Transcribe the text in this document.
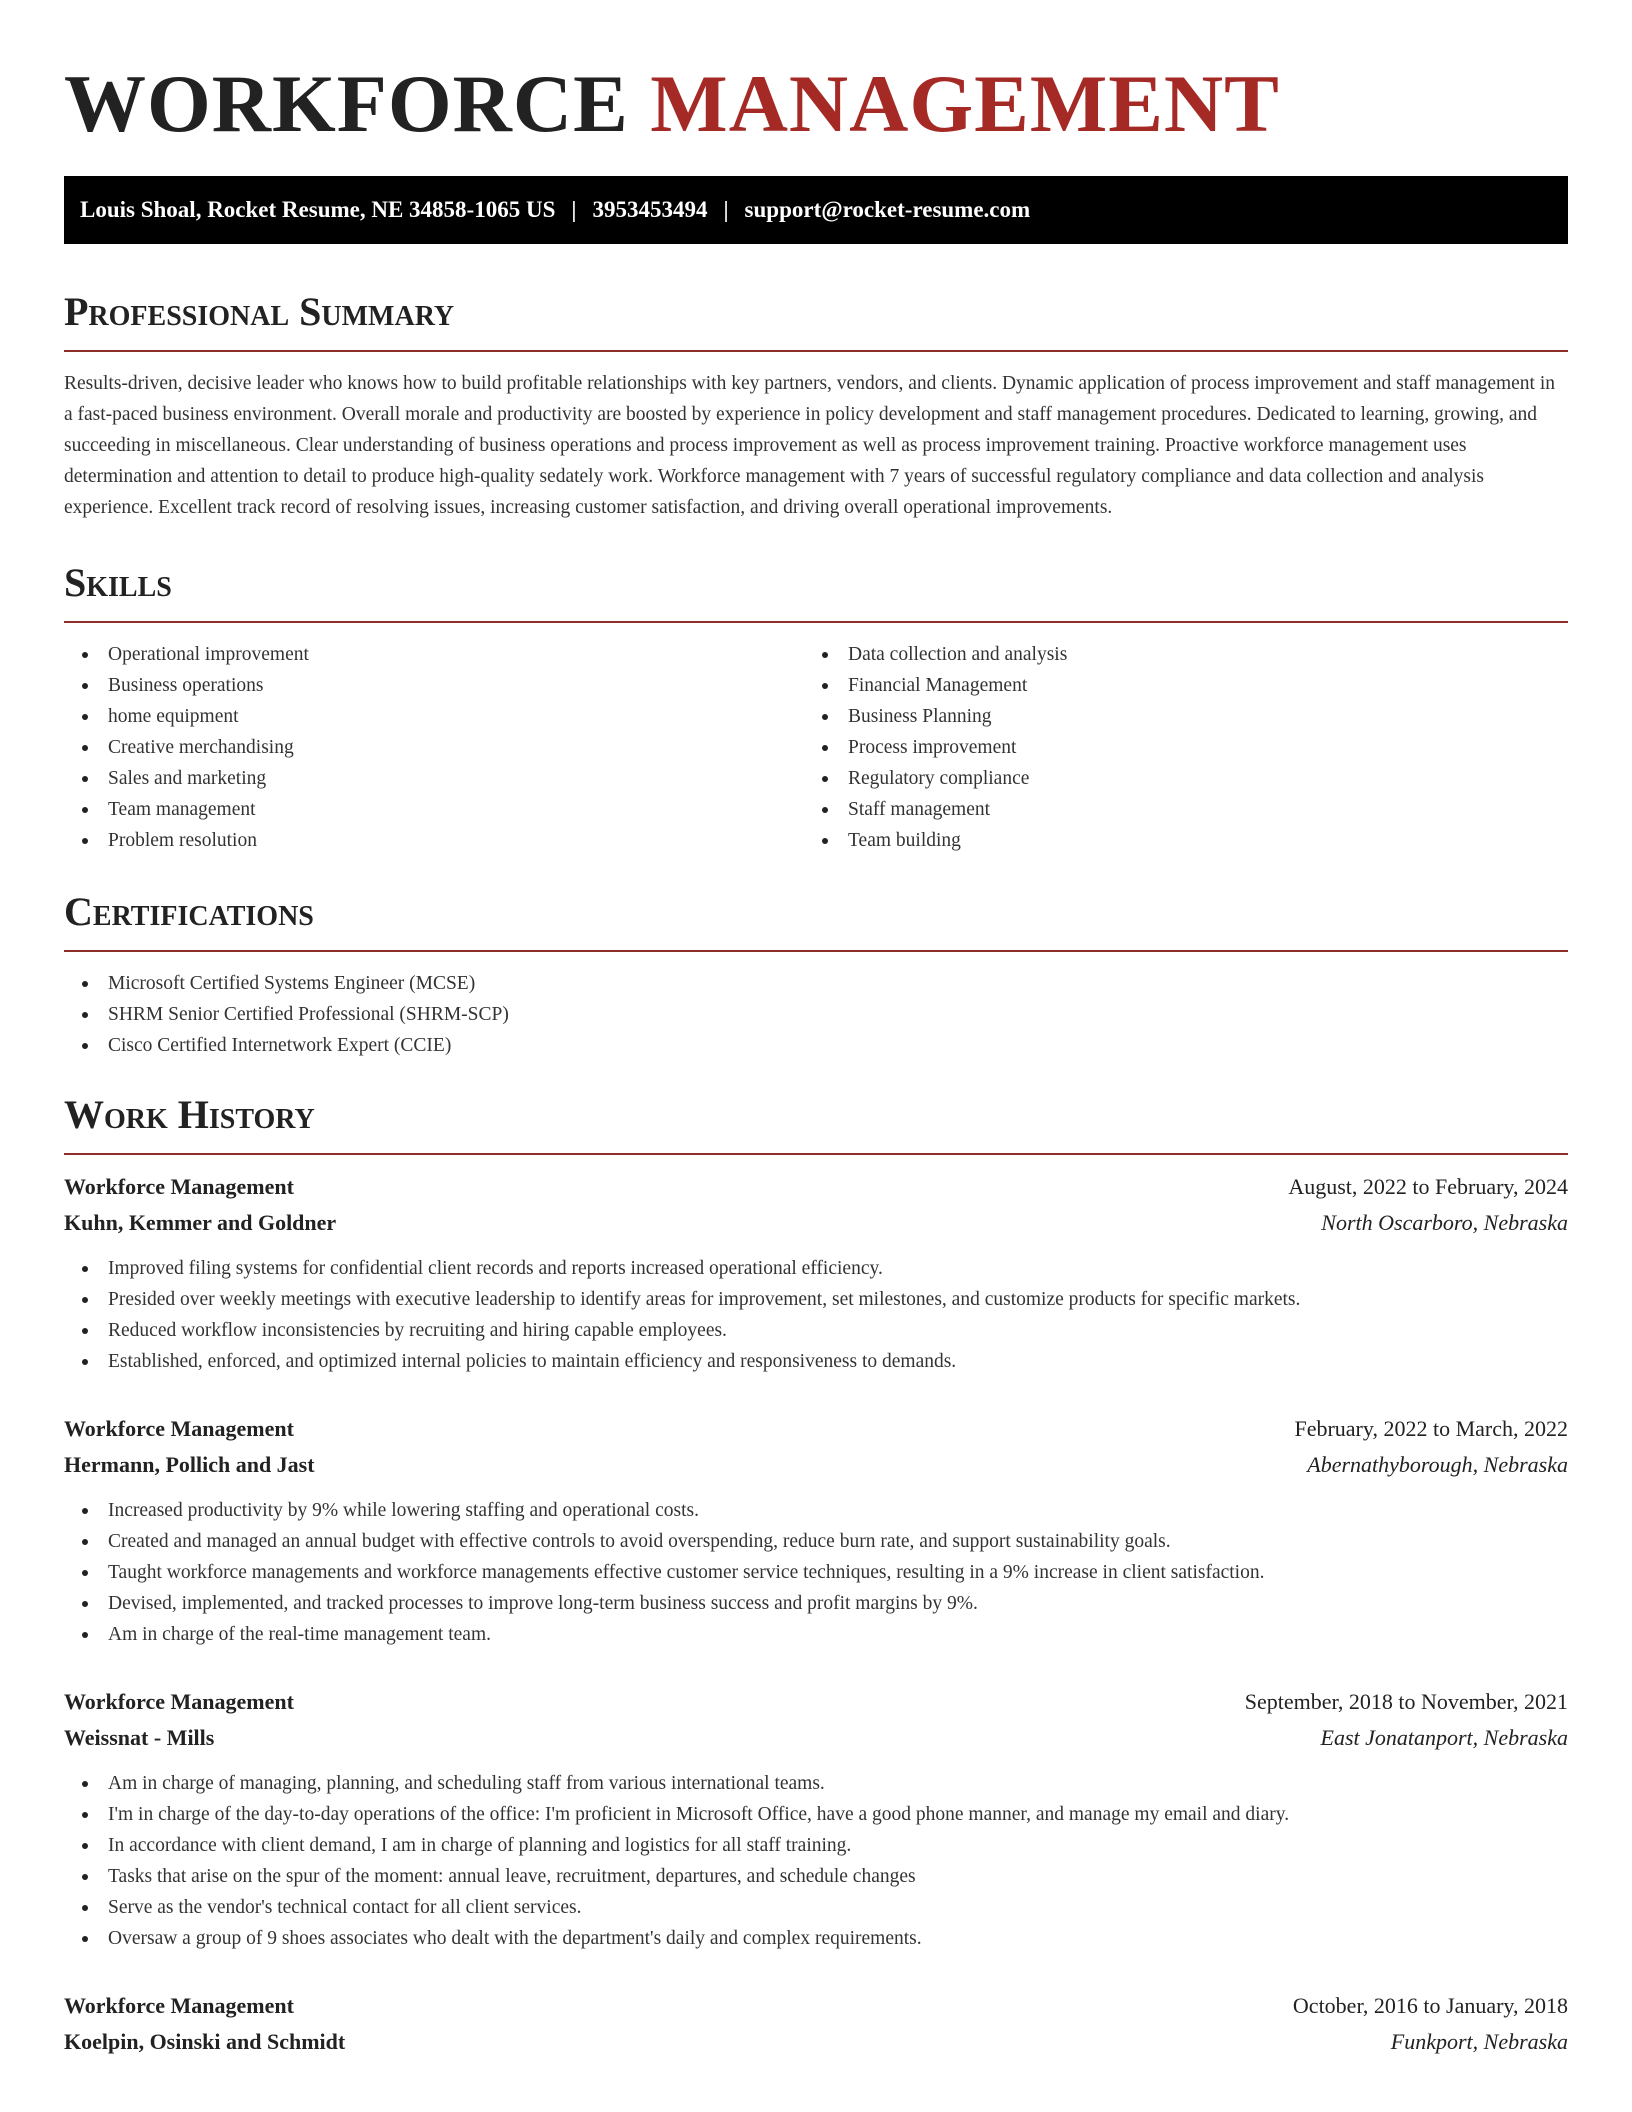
WORKFORCE MANAGEMENT
Louis Shoal, Rocket Resume, NE 34858-1065 US | 3953453494 | support@rocket-resume.com
Professional Summary

Results-driven, decisive leader who knows how to build profitable relationships with key partners, vendors, and clients. Dynamic application of process improvement and staff management in a fast-paced business environment. Overall morale and productivity are boosted by experience in policy development and staff management procedures. Dedicated to learning, growing, and succeeding in miscellaneous. Clear understanding of business operations and process improvement as well as process improvement training. Proactive workforce management uses determination and attention to detail to produce high-quality sedately work. Workforce management with 7 years of successful regulatory compliance and data collection and analysis experience. Excellent track record of resolving issues, increasing customer satisfaction, and driving overall operational improvements.

Skills
Operational improvement
Business operations
home equipment
Creative merchandising
Sales and marketing
Team management
Problem resolution
Data collection and analysis
Financial Management
Business Planning
Process improvement
Regulatory compliance
Staff management
Team building
Certifications
Microsoft Certified Systems Engineer (MCSE)
SHRM Senior Certified Professional (SHRM-SCP)
Cisco Certified Internetwork Expert (CCIE)
Work History
Workforce Management	August, 2022 to February, 2024
Kuhn, Kemmer and Goldner	North Oscarboro, Nebraska
Improved filing systems for confidential client records and reports increased operational efficiency.
Presided over weekly meetings with executive leadership to identify areas for improvement, set milestones, and customize products for specific markets.
Reduced workflow inconsistencies by recruiting and hiring capable employees.
Established, enforced, and optimized internal policies to maintain efficiency and responsiveness to demands.
Workforce Management	February, 2022 to March, 2022
Hermann, Pollich and Jast	Abernathyborough, Nebraska
Increased productivity by 9% while lowering staffing and operational costs.
Created and managed an annual budget with effective controls to avoid overspending, reduce burn rate, and support sustainability goals.
Taught workforce managements and workforce managements effective customer service techniques, resulting in a 9% increase in client satisfaction.
Devised, implemented, and tracked processes to improve long-term business success and profit margins by 9%.
Am in charge of the real-time management team.
Workforce Management	September, 2018 to November, 2021
Weissnat - Mills	East Jonatanport, Nebraska
Am in charge of managing, planning, and scheduling staff from various international teams.
I'm in charge of the day-to-day operations of the office: I'm proficient in Microsoft Office, have a good phone manner, and manage my email and diary.
In accordance with client demand, I am in charge of planning and logistics for all staff training.
Tasks that arise on the spur of the moment: annual leave, recruitment, departures, and schedule changes
Serve as the vendor's technical contact for all client services.
Oversaw a group of 9 shoes associates who dealt with the department's daily and complex requirements.
Workforce Management	October, 2016 to January, 2018
Koelpin, Osinski and Schmidt	Funkport, Nebraska
